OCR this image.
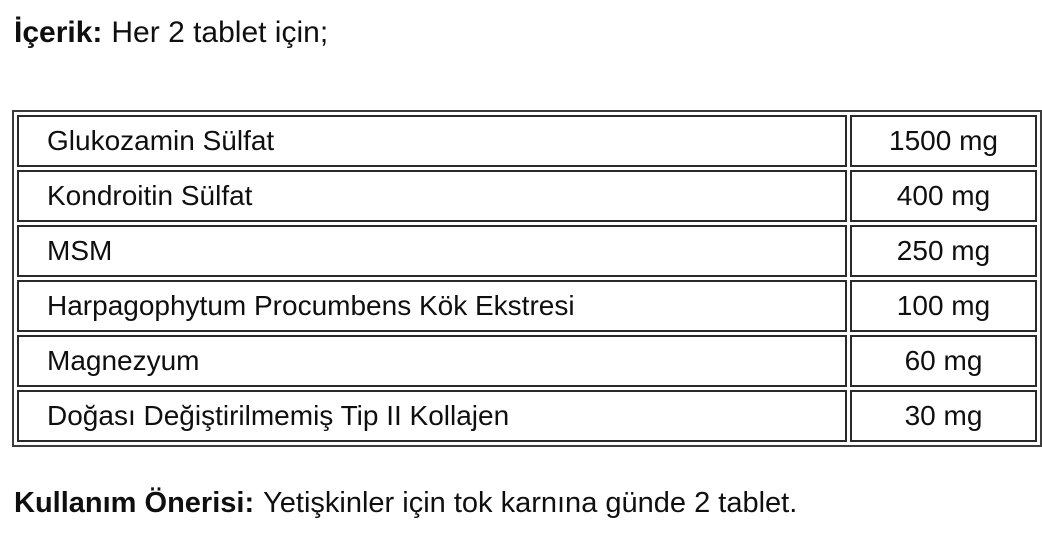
İçerik: Her 2 tablet için;
Glukozamin Sülfat	1500 mg
Kondroitin Sülfat	400 mg
MSM	250 mg
Harpagophytum Procumbens Kök Ekstresi	100 mg
Magnezyum	60 mg
Doğası Değiştirilmemiş Tip II Kollajen	30 mg
Kullanım Önerisi: Yetişkinler için tok karnına günde 2 tablet.
